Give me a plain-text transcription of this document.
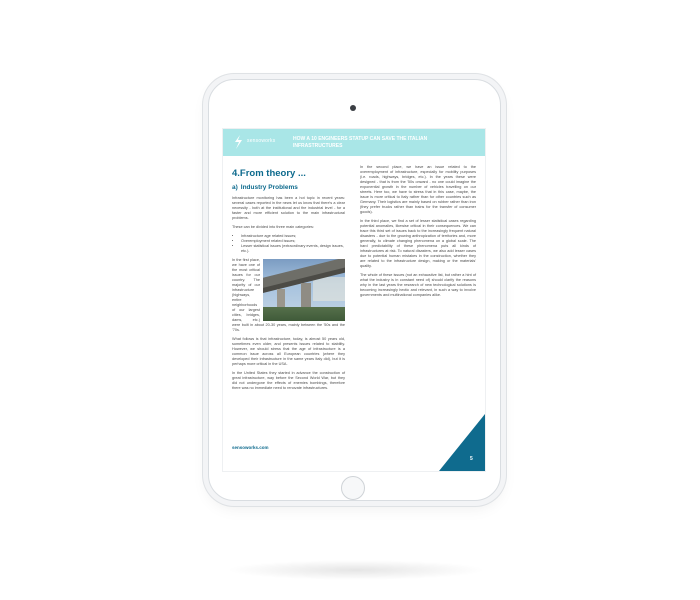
sensoworks	HOW A 10 ENGINEERS STATUP CAN SAVE THE ITALIAN INFRASTRUCTURES
4.From theory ...
a) Industry Problems

Infrastructure monitoring has been a hot topic in recent years: several cases reported in the news let us know that there's a clear necessity - both at the institutional and the industrial level - for a faster and more efficient solution to the main infrastructural problems.

These can be divided into three main categories:

• Infrastructure age related issues;
• Overemployment related issues;
• Lesser statistical issues (extraordinary events, design issues, etc.).

In the first place, we have one of the most critical issues for our country. The majority of our infrastructure (highways, entire neighborhoods of our largest cities, bridges, dams, etc.) were built in about 20-30 years, mainly between the '50s and the '70s.

What follows is that infrastructure, today, is almost 50 years old, sometimes even older, and presents issues related to stability. However, we should stress that the age of infrastructure is a common issue across all European countries (where they developed their infrastructure in the same years Italy did), but it is perhaps more critical in the USA.

In the United States they started in advance the construction of great infrastructure, way before the Second World War, but they did not undergone the effects of enemies bombings, therefore there was no immediate need to renovate infrastructures.

In the second place, we have an issue related to the overemployment of infrastructure, especially for mobility purposes (i.e. roads, highways, bridges, etc.). In the years these were designed - that is from the '50s onward - no one could imagine the exponential growth in the number of vehicles travelling on our streets. Here too, we have to stress that in this case, maybe, the issue is more critical to Italy rather than for other countries such as Germany. Their logistics are mainly based on rubber rather than iron (they prefer trucks rather than trains for the transfer of consumer goods).

In the third place, we find a set of lesser statistical cases regarding potential anomalies, likewise critical in their consequences. We can trace this third set of issues back to the increasingly frequent natural disasters - due to the growing anthropization of territories and, more generally, to climate changing phenomena on a global scale. The hard predictability of these phenomena puts all kinds of infrastructures at risk. To natural disasters, we also add lesser cases due to potential human mistakes in the construction, whether they are related to the infrastructure design, making or the materials' quality.

The whole of these issues (not an exhaustive list, but rather a hint of what the industry is in constant need of) should clarify the reasons why in the last years the research of new technological solutions is becoming increasingly hectic and relevant, in such a way to involve governments and multinational companies alike.

sensoworks.com
5
